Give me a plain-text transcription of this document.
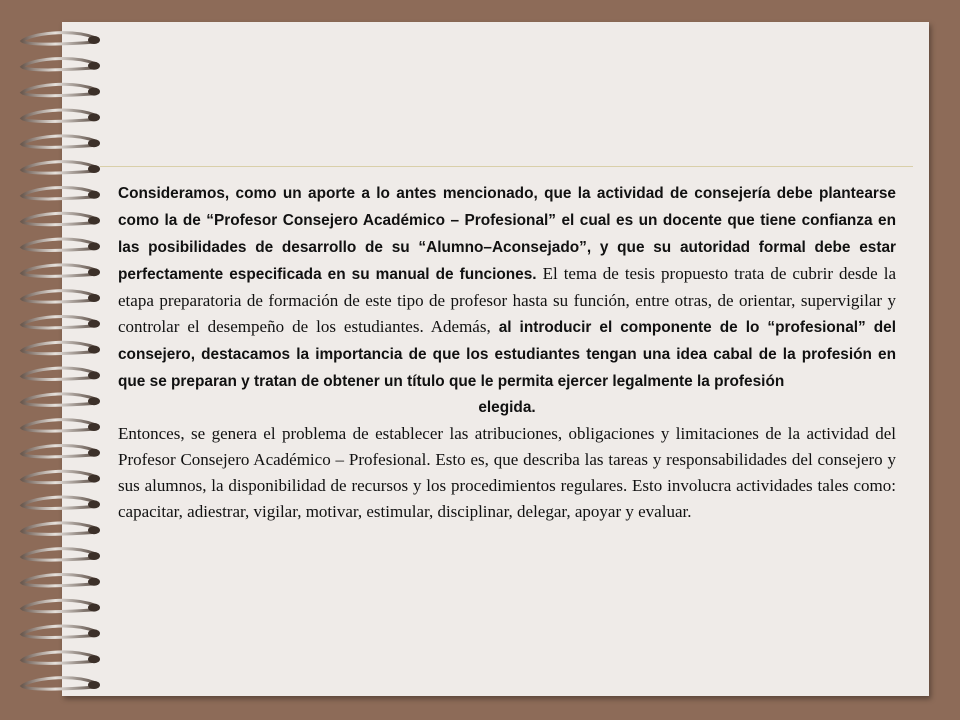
Consideramos, como un aporte a lo antes mencionado, que la actividad de consejería debe plantearse como la de “Profesor Consejero Académico – Profesional” el cual es un docente que tiene confianza en las posibilidades de desarrollo de su “Alumno–Aconsejado”, y que su autoridad formal debe estar perfectamente especificada en su manual de funciones. El tema de tesis propuesto trata de cubrir desde la etapa preparatoria de formación de este tipo de profesor hasta su función, entre otras, de orientar, supervigilar y controlar el desempeño de los estudiantes. Además, al introducir el componente de lo “profesional” del consejero, destacamos la importancia de que los estudiantes tengan una idea cabal de la profesión en que se preparan y tratan de obtener un título que le permita ejercer legalmente la profesión
elegida.

Entonces, se genera el problema de establecer las atribuciones, obligaciones y limitaciones de la actividad del Profesor Consejero Académico – Profesional. Esto es, que describa las tareas y responsabilidades del consejero y sus alumnos, la disponibilidad de recursos y los procedimientos regulares. Esto involucra actividades tales como: capacitar, adiestrar, vigilar, motivar, estimular, disciplinar, delegar, apoyar y evaluar.
